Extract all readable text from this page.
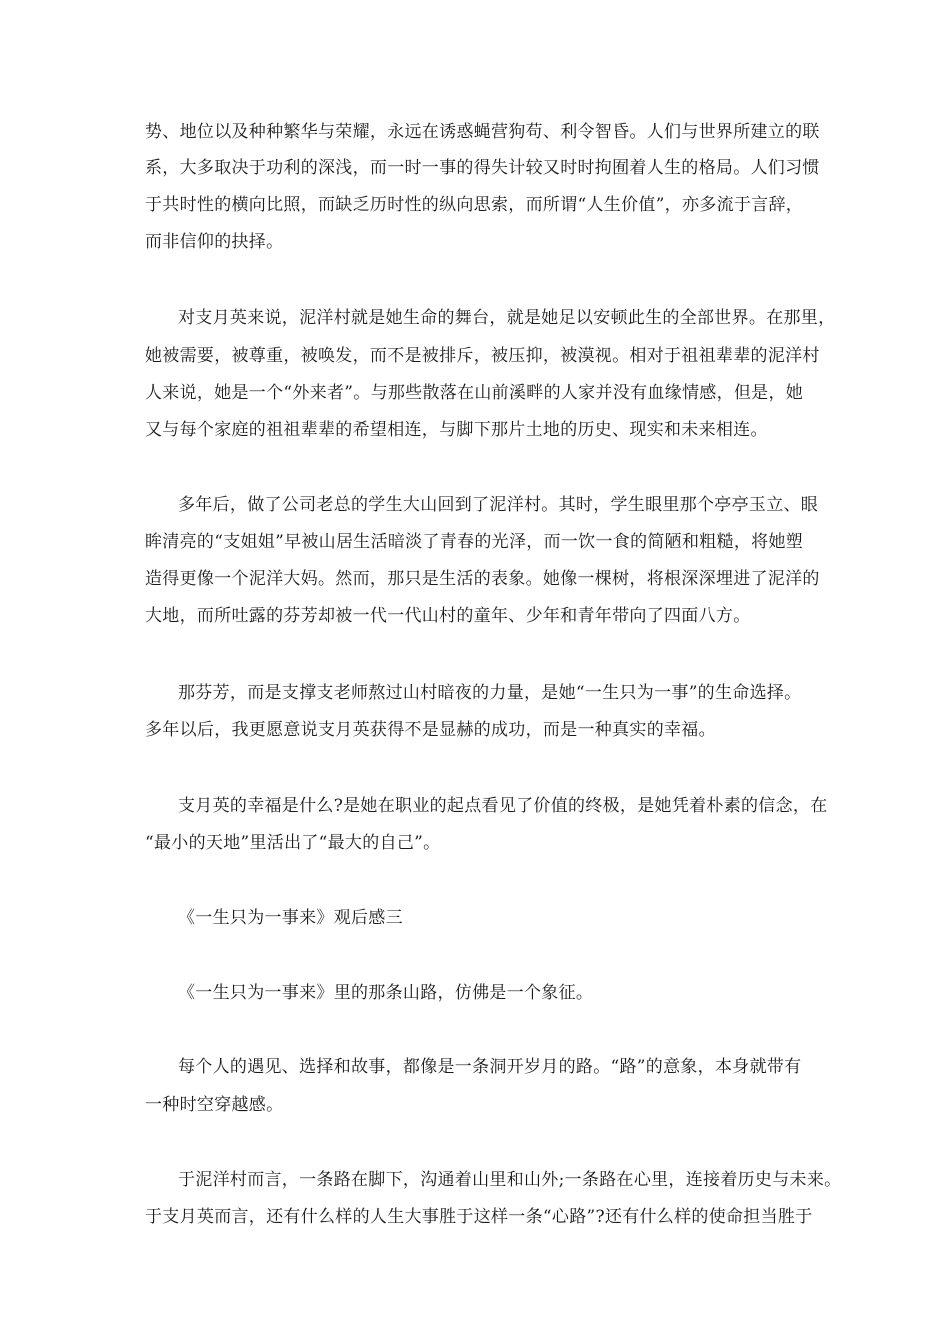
势、地位以及种种繁华与荣耀，永远在诱惑蝇营狗苟、利令智昏。人们与世界所建立的联
系，大多取决于功利的深浅，而一时一事的得失计较又时时拘囿着人生的格局。人们习惯
于共时性的横向比照，而缺乏历时性的纵向思索，而所谓“人生价值”，亦多流于言辞，
而非信仰的抉择。
对支月英来说，泥洋村就是她生命的舞台，就是她足以安顿此生的全部世界。在那里，
她被需要，被尊重，被唤发，而不是被排斥，被压抑，被漠视。相对于祖祖辈辈的泥洋村
人来说，她是一个“外来者”。与那些散落在山前溪畔的人家并没有血缘情感，但是，她
又与每个家庭的祖祖辈辈的希望相连，与脚下那片土地的历史、现实和未来相连。
多年后，做了公司老总的学生大山回到了泥洋村。其时，学生眼里那个亭亭玉立、眼
眸清亮的“支姐姐”早被山居生活暗淡了青春的光泽，而一饮一食的简陋和粗糙，将她塑
造得更像一个泥洋大妈。然而，那只是生活的表象。她像一棵树，将根深深埋进了泥洋的
大地，而所吐露的芬芳却被一代一代山村的童年、少年和青年带向了四面八方。
那芬芳，而是支撑支老师熬过山村暗夜的力量，是她“一生只为一事”的生命选择。
多年以后，我更愿意说支月英获得不是显赫的成功，而是一种真实的幸福。
支月英的幸福是什么?是她在职业的起点看见了价值的终极，是她凭着朴素的信念，在
“最小的天地”里活出了“最大的自己”。
《一生只为一事来》观后感三
《一生只为一事来》里的那条山路，仿佛是一个象征。
每个人的遇见、选择和故事，都像是一条洞开岁月的路。“路”的意象，本身就带有
一种时空穿越感。
于泥洋村而言，一条路在脚下，沟通着山里和山外;一条路在心里，连接着历史与未来。
于支月英而言，还有什么样的人生大事胜于这样一条“心路”?还有什么样的使命担当胜于
